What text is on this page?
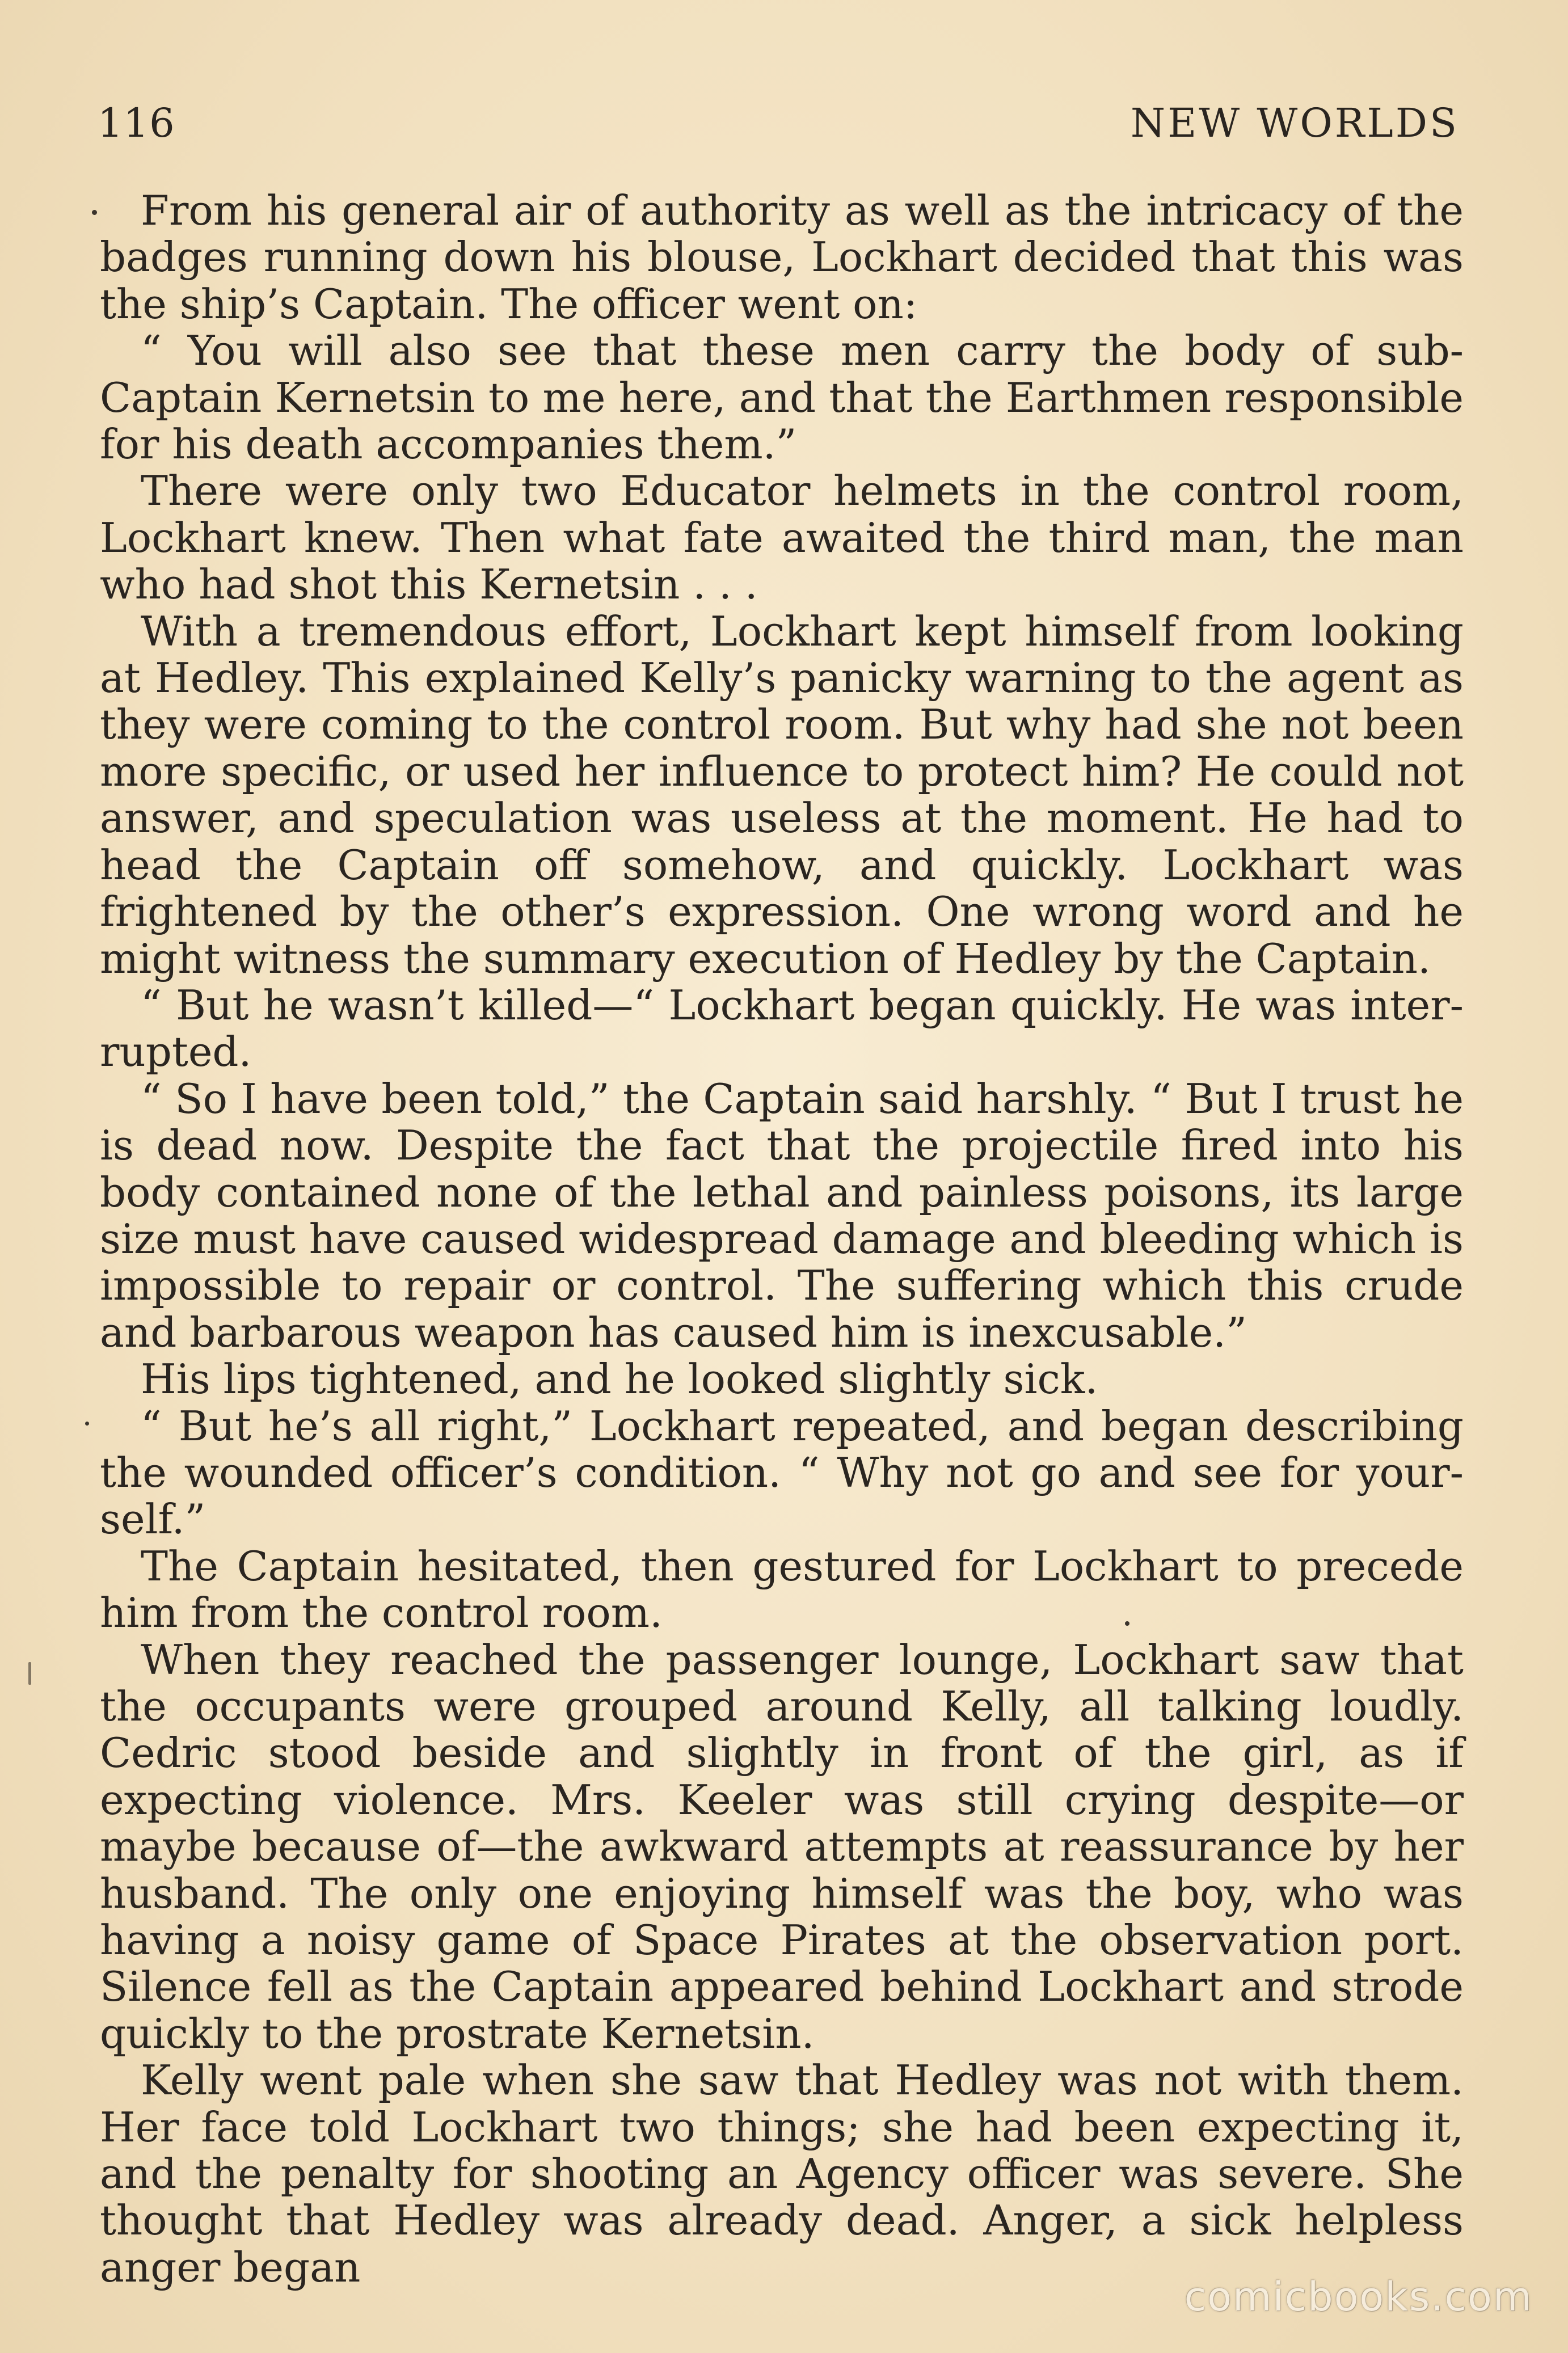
116	NEW WORLDS

From his general air of authority as well as the intricacy of the badges running down his blouse, Lockhart decided that this was the ship’s Captain. The officer went on:

“ You will also see that these men carry the body of sub-Captain Kernetsin to me here, and that the Earthmen responsible for his death accompanies them.”

There were only two Educator helmets in the control room, Lockhart knew. Then what fate awaited the third man, the man who had shot this Kernetsin . . .

With a tremendous effort, Lockhart kept himself from looking at Hedley. This explained Kelly’s panicky warning to the agent as they were coming to the control room. But why had she not been more specific, or used her influence to protect him? He could not answer, and speculation was useless at the moment. He had to head the Captain off somehow, and quickly. Lockhart was frightened by the other’s expression. One wrong word and he might witness the summary execution of Hedley by the Captain.

“ But he wasn’t killed—“ Lockhart began quickly. He was interrupted.

“ So I have been told,” the Captain said harshly. “ But I trust he is dead now. Despite the fact that the projectile fired into his body contained none of the lethal and painless poisons, its large size must have caused widespread damage and bleeding which is impossible to repair or control. The suffering which this crude and barbarous weapon has caused him is inexcusable.”

His lips tightened, and he looked slightly sick.

“ But he’s all right,” Lockhart repeated, and began describing the wounded officer’s condition. “ Why not go and see for yourself.”

The Captain hesitated, then gestured for Lockhart to precede him from the control room.

When they reached the passenger lounge, Lockhart saw that the occupants were grouped around Kelly, all talking loudly. Cedric stood beside and slightly in front of the girl, as if expecting violence. Mrs. Keeler was still crying despite—or maybe because of—the awkward attempts at reassurance by her husband. The only one enjoying himself was the boy, who was having a noisy game of Space Pirates at the observation port. Silence fell as the Captain appeared behind Lockhart and strode quickly to the prostrate Kernetsin.

Kelly went pale when she saw that Hedley was not with them. Her face told Lockhart two things; she had been expecting it, and the penalty for shooting an Agency officer was severe. She thought that Hedley was already dead. Anger, a sick helpless anger began

comicbooks.com
